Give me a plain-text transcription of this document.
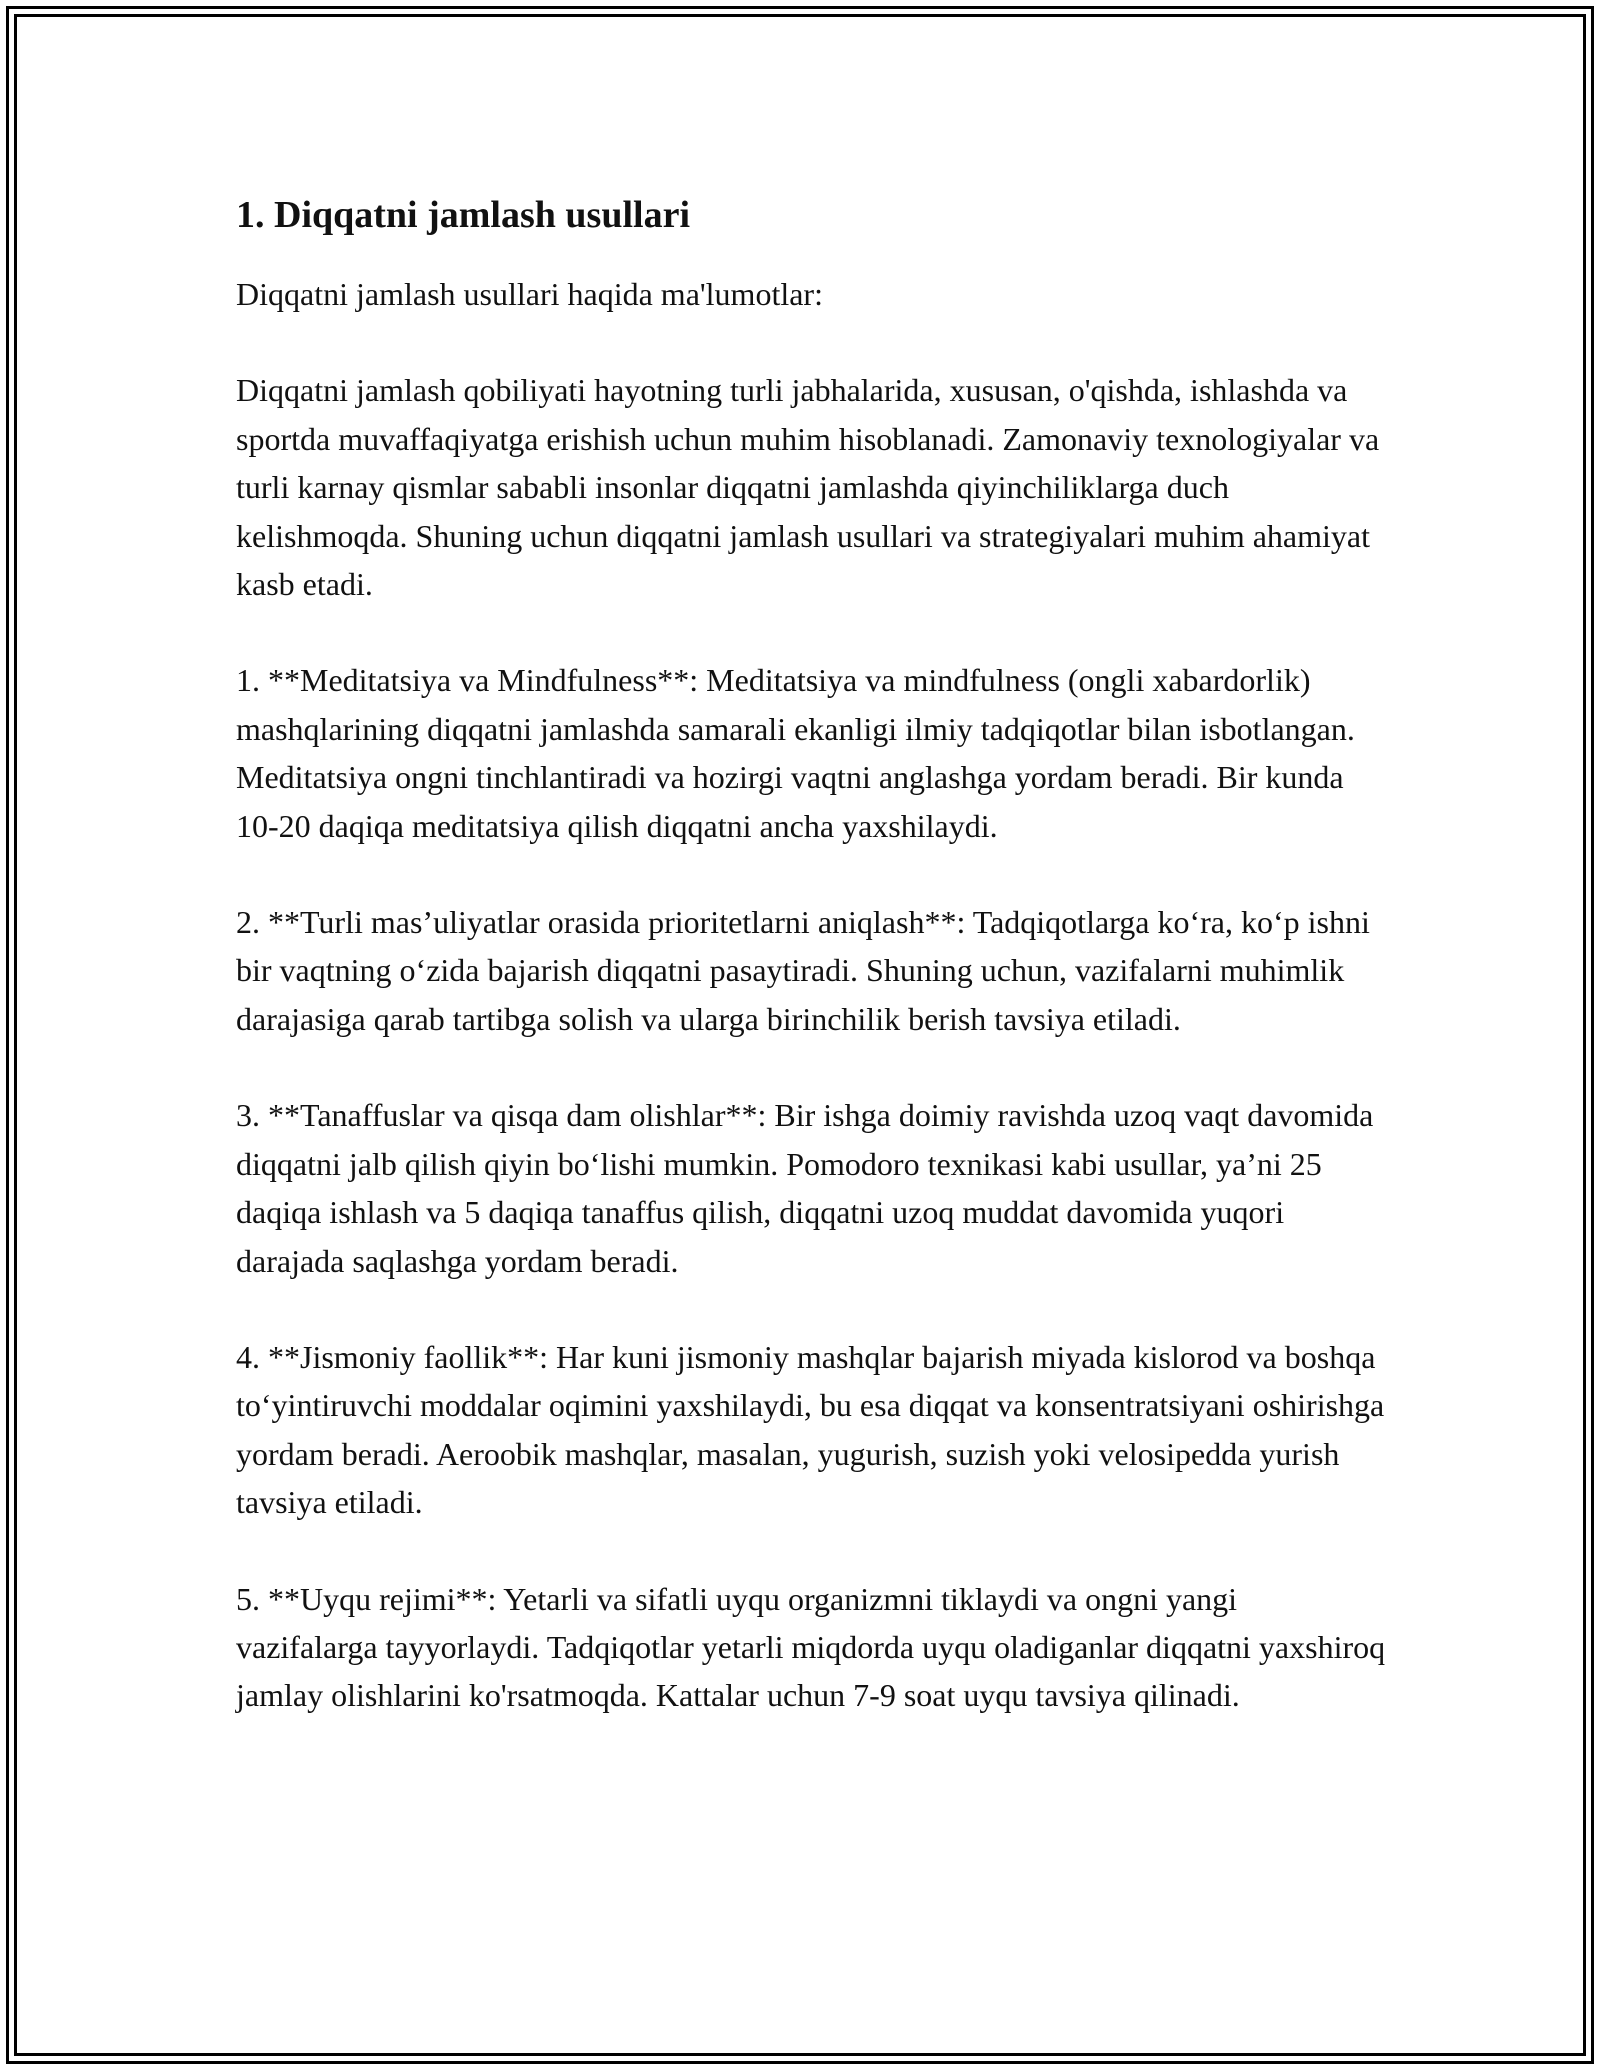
1. Diqqatni jamlash usullari

Diqqatni jamlash usullari haqida ma'lumotlar:

Diqqatni jamlash qobiliyati hayotning turli jabhalarida, xususan, o'qishda, ishlashda va sportda muvaffaqiyatga erishish uchun muhim hisoblanadi. Zamonaviy texnologiyalar va turli karnay qismlar sababli insonlar diqqatni jamlashda qiyinchiliklarga duch kelishmoqda. Shuning uchun diqqatni jamlash usullari va strategiyalari muhim ahamiyat kasb etadi.

1. **Meditatsiya va Mindfulness**: Meditatsiya va mindfulness (ongli xabardorlik) mashqlarining diqqatni jamlashda samarali ekanligi ilmiy tadqiqotlar bilan isbotlangan. Meditatsiya ongni tinchlantiradi va hozirgi vaqtni anglashga yordam beradi. Bir kunda 10-20 daqiqa meditatsiya qilish diqqatni ancha yaxshilaydi.

2. **Turli mas’uliyatlar orasida prioritetlarni aniqlash**: Tadqiqotlarga ko‘ra, ko‘p ishni bir vaqtning o‘zida bajarish diqqatni pasaytiradi. Shuning uchun, vazifalarni muhimlik darajasiga qarab tartibga solish va ularga birinchilik berish tavsiya etiladi.

3. **Tanaffuslar va qisqa dam olishlar**: Bir ishga doimiy ravishda uzoq vaqt davomida diqqatni jalb qilish qiyin bo‘lishi mumkin. Pomodoro texnikasi kabi usullar, ya’ni 25 daqiqa ishlash va 5 daqiqa tanaffus qilish, diqqatni uzoq muddat davomida yuqori darajada saqlashga yordam beradi.

4. **Jismoniy faollik**: Har kuni jismoniy mashqlar bajarish miyada kislorod va boshqa to‘yintiruvchi moddalar oqimini yaxshilaydi, bu esa diqqat va konsentratsiyani oshirishga yordam beradi. Aeroobik mashqlar, masalan, yugurish, suzish yoki velosipedda yurish tavsiya etiladi.

5. **Uyqu rejimi**: Yetarli va sifatli uyqu organizmni tiklaydi va ongni yangi vazifalarga tayyorlaydi. Tadqiqotlar yetarli miqdorda uyqu oladiganlar diqqatni yaxshiroq jamlay olishlarini ko'rsatmoqda. Kattalar uchun 7-9 soat uyqu tavsiya qilinadi.
